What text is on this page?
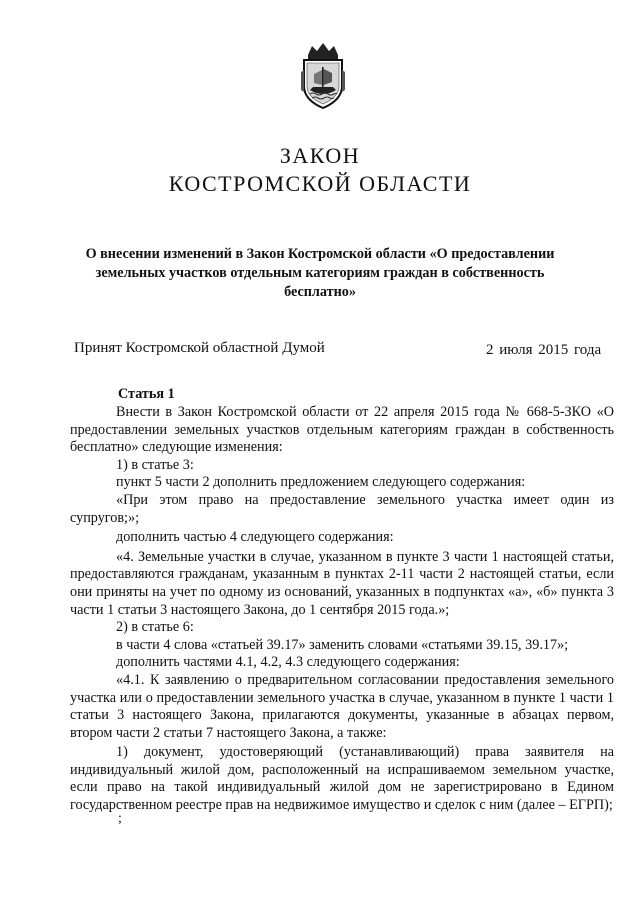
ЗАКОН
КОСТРОМСКОЙ ОБЛАСТИ
О внесении изменений в Закон Костромской области «О предоставлении земельных участков отдельным категориям граждан в собственность бесплатно»
Принят Костромской областной Думой	2 июля 2015 года
Статья 1

Внести в Закон Костромской области от 22 апреля 2015 года № 668-5-ЗКО «О предоставлении земельных участков отдельным категориям граждан в собственность бесплатно» следующие изменения:

1) в статье 3:

пункт 5 части 2 дополнить предложением следующего содержания:

«При этом право на предоставление земельного участка имеет один из супругов;»;

дополнить частью 4 следующего содержания:

«4. Земельные участки в случае, указанном в пункте 3 части 1 настоящей статьи, предоставляются гражданам, указанным в пунктах 2-11 части 2 настоящей статьи, если они приняты на учет по одному из оснований, указанных в подпунктах «а», «б» пункта 3 части 1 статьи 3 настоящего Закона, до 1 сентября 2015 года.»;

2) в статье 6:

в части 4 слова «статьей 39.17» заменить словами «статьями 39.15, 39.17»;

дополнить частями 4.1, 4.2, 4.3 следующего содержания:

«4.1. К заявлению о предварительном согласовании предоставления земельного участка или о предоставлении земельного участка в случае, указанном в пункте 1 части 1 статьи 3 настоящего Закона, прилагаются документы, указанные в абзацах первом, втором части 2 статьи 7 настоящего Закона, а также:

1) документ, удостоверяющий (устанавливающий) права заявителя на индивидуальный жилой дом, расположенный на испрашиваемом земельном участке, если право на такой индивидуальный жилой дом не зарегистрировано в Едином государственном реестре прав на недвижимое имущество и сделок с ним (далее – ЕГРП);

;
